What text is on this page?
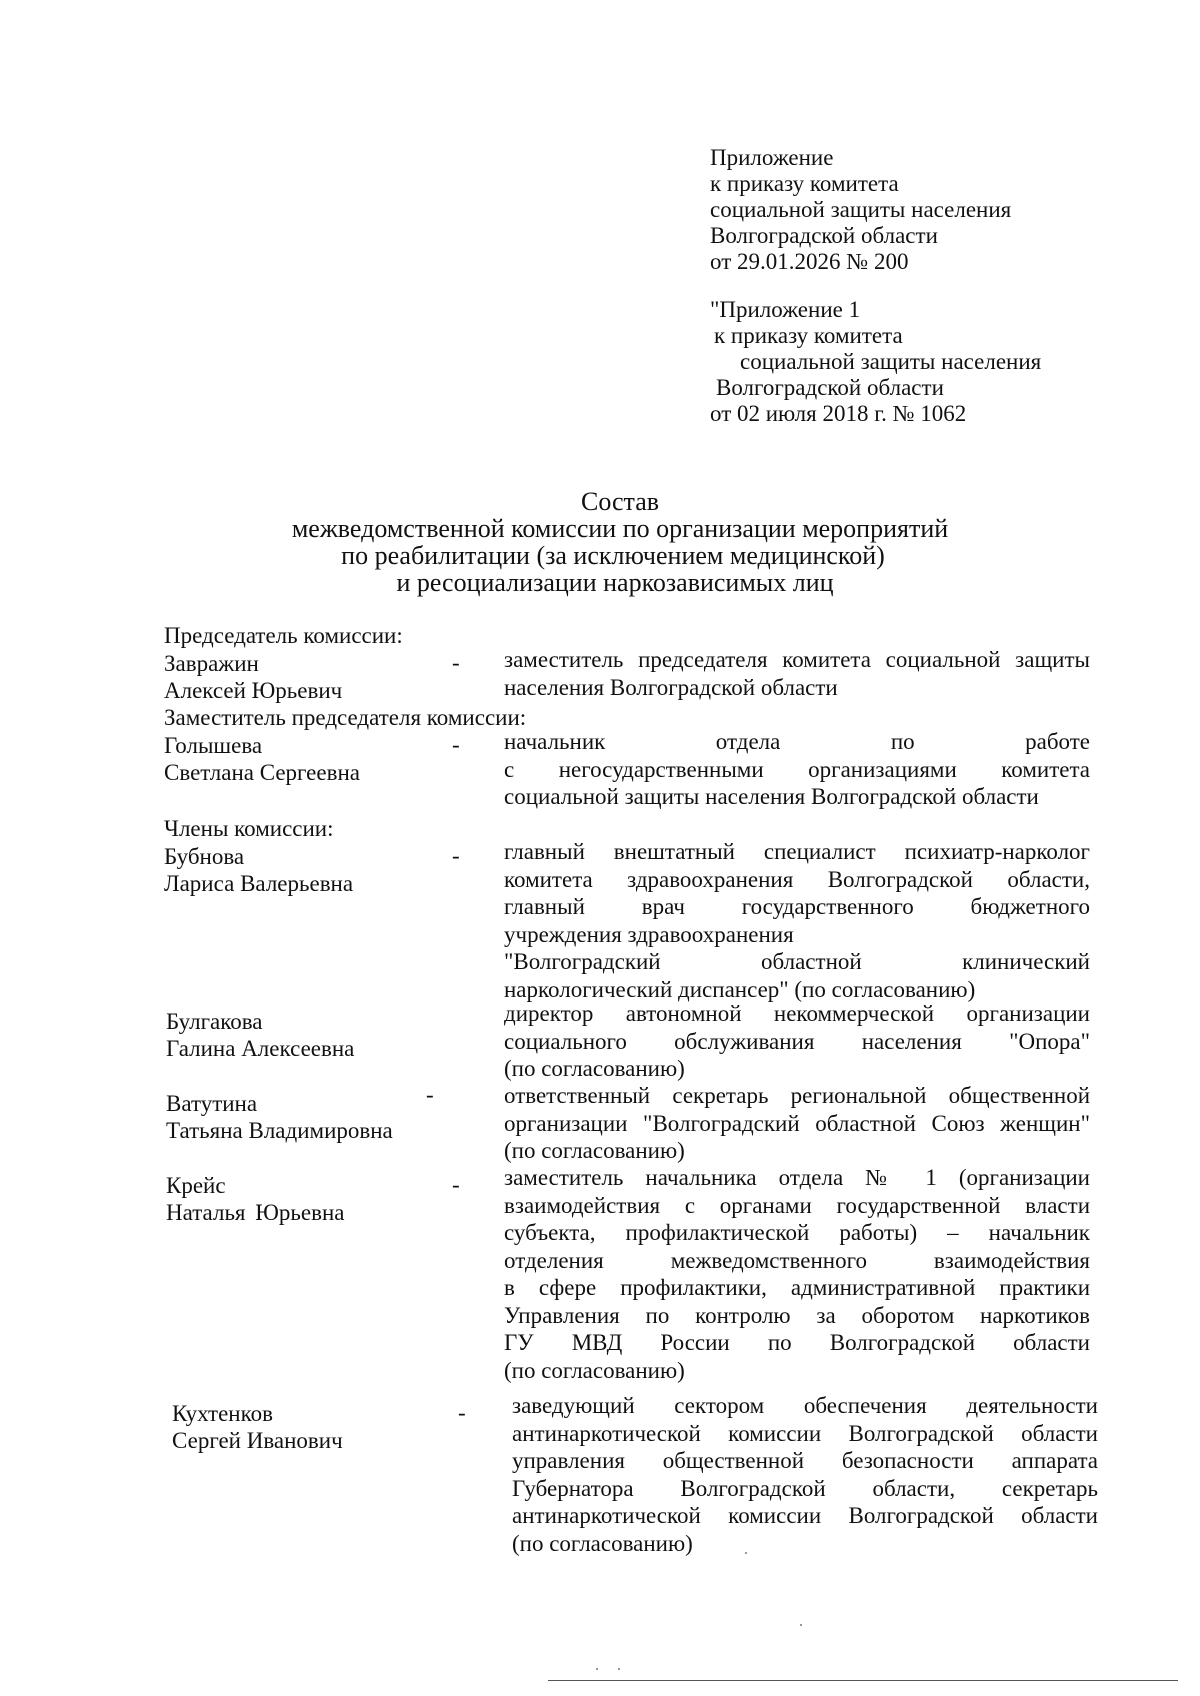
Приложение
к приказу комитета
социальной защиты населения
Волгоградской области
от 29.01.2026 № 200
"Приложение 1
к приказу комитета
социальной защиты населения
Волгоградской области
от 02 июля 2018 г. № 1062
Состав
межведомственной комиссии по организации мероприятий
по реабилитации (за исключением медицинской)
и ресоциализации наркозависимых лиц
Председатель комиссии:
Завражин
Алексей Юрьевич
- заместитель председателя комитета социальной защиты
населения Волгоградской области
Заместитель председателя комиссии:
Голышева
Светлана Сергеевна
- начальник отдела по работе
с негосударственными организациями комитета
социальной защиты населения Волгоградской области
Члены комиссии:
Бубнова
Лариса Валерьевна
- главный внештатный специалист психиатр-нарколог
комитета здравоохранения Волгоградской области,
главный врач государственного бюджетного
учреждения здравоохранения
"Волгоградский областной клинический
наркологический диспансер" (по согласованию)
Булгакова
Галина Алексеевна
директор автономной некоммерческой организации
социального обслуживания населения "Опора"
(по согласованию)
Ватутина
Татьяна Владимировна
-	ответственный секретарь региональной общественной
организации "Волгоградский областной Союз женщин"
(по согласованию)
Крейс
Наталья Юрьевна
- заместитель начальника отдела № 1 (организации
взаимодействия с органами государственной власти
субъекта, профилактической работы) – начальник
отделения межведомственного взаимодействия
в сфере профилактики, административной практики
Управления по контролю за оборотом наркотиков
ГУ МВД России по Волгоградской области
(по согласованию)
Кухтенков
Сергей Иванович
- заведующий сектором обеспечения деятельности
антинаркотической комиссии Волгоградской области
управления общественной безопасности аппарата
Губернатора Волгоградской области, секретарь
антинаркотической комиссии Волгоградской области
(по согласованию)
